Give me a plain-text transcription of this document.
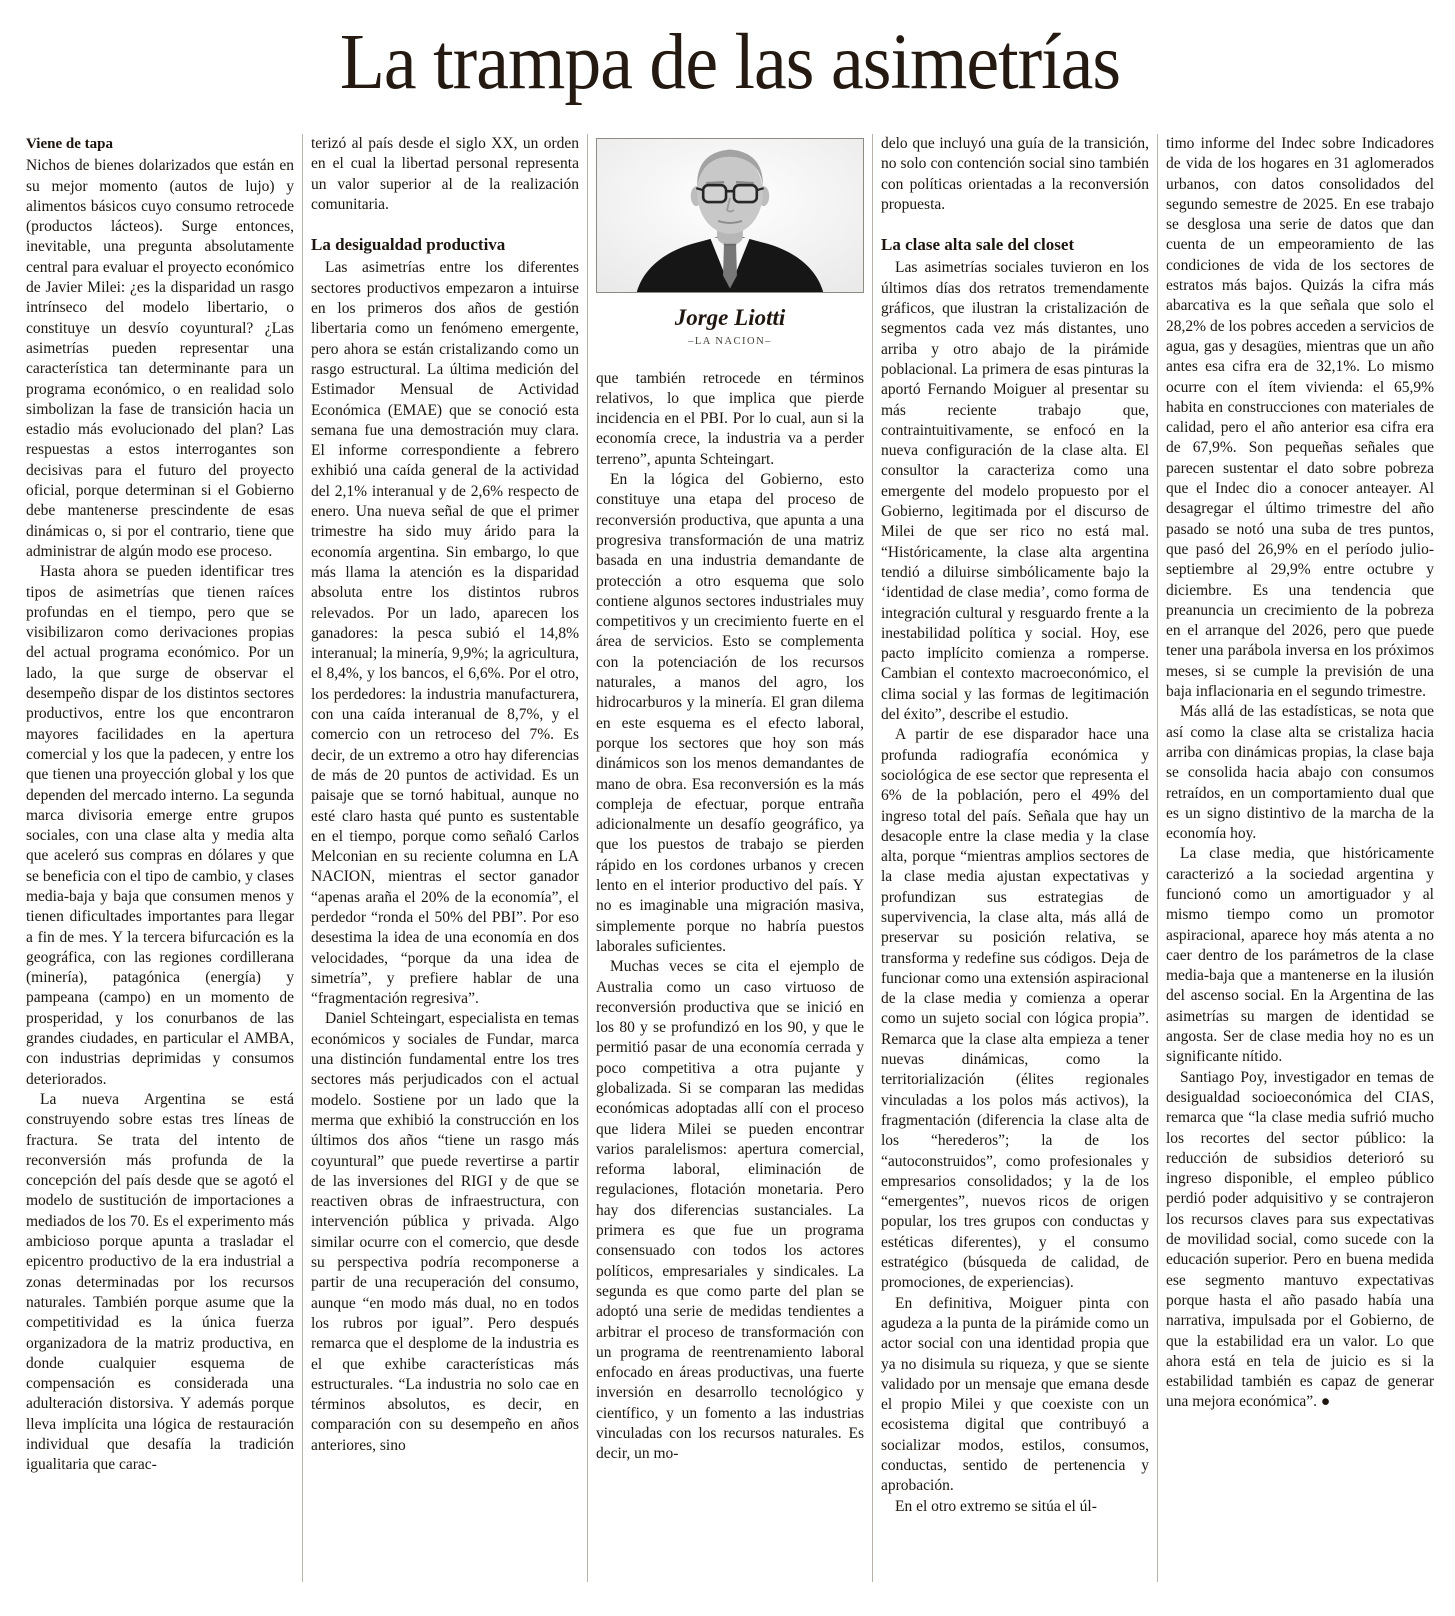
La trampa de las asimetrías
Viene de tapa

Nichos de bienes dolarizados que están en su mejor momento (autos de lujo) y alimentos básicos cuyo consumo retrocede (productos lácteos). Surge entonces, inevitable, una pregunta absolutamente central para evaluar el proyecto económico de Javier Milei: ¿es la disparidad un rasgo intrínseco del modelo libertario, o constituye un desvío coyuntural? ¿Las asimetrías pueden representar una característica tan determinante para un programa económico, o en realidad solo simbolizan la fase de transición hacia un estadio más evolucionado del plan? Las respuestas a estos interrogantes son decisivas para el futuro del proyecto oficial, porque determinan si el Gobierno debe mantenerse prescindente de esas dinámicas o, si por el contrario, tiene que administrar de algún modo ese proceso.

Hasta ahora se pueden identificar tres tipos de asimetrías que tienen raíces profundas en el tiempo, pero que se visibilizaron como derivaciones propias del actual programa económico. Por un lado, la que surge de observar el desempeño dispar de los distintos sectores productivos, entre los que encontraron mayores facilidades en la apertura comercial y los que la padecen, y entre los que tienen una proyección global y los que dependen del mercado interno. La segunda marca divisoria emerge entre grupos sociales, con una clase alta y media alta que aceleró sus compras en dólares y que se beneficia con el tipo de cambio, y clases media-baja y baja que consumen menos y tienen dificultades importantes para llegar a fin de mes. Y la tercera bifurcación es la geográfica, con las regiones cordillerana (minería), patagónica (energía) y pampeana (campo) en un momento de prosperidad, y los conurbanos de las grandes ciudades, en particular el AMBA, con industrias deprimidas y consumos deteriorados.

La nueva Argentina se está construyendo sobre estas tres líneas de fractura. Se trata del intento de reconversión más profunda de la concepción del país desde que se agotó el modelo de sustitución de importaciones a mediados de los 70. Es el experimento más ambicioso porque apunta a trasladar el epicentro productivo de la era industrial a zonas determinadas por los recursos naturales. También porque asume que la competitividad es la única fuerza organizadora de la matriz productiva, en donde cualquier esquema de compensación es considerada una adulteración distorsiva. Y además porque lleva implícita una lógica de restauración individual que desafía la tradición igualitaria que carac-

terizó al país desde el siglo XX, un orden en el cual la libertad personal representa un valor superior al de la realización comunitaria.

La desigualdad productiva

Las asimetrías entre los diferentes sectores productivos empezaron a intuirse en los primeros dos años de gestión libertaria como un fenómeno emergente, pero ahora se están cristalizando como un rasgo estructural. La última medición del Estimador Mensual de Actividad Económica (EMAE) que se conoció esta semana fue una demostración muy clara. El informe correspondiente a febrero exhibió una caída general de la actividad del 2,1% interanual y de 2,6% respecto de enero. Una nueva señal de que el primer trimestre ha sido muy árido para la economía argentina. Sin embargo, lo que más llama la atención es la disparidad absoluta entre los distintos rubros relevados. Por un lado, aparecen los ganadores: la pesca subió el 14,8% interanual; la minería, 9,9%; la agricultura, el 8,4%, y los bancos, el 6,6%. Por el otro, los perdedores: la industria manufacturera, con una caída interanual de 8,7%, y el comercio con un retroceso del 7%. Es decir, de un extremo a otro hay diferencias de más de 20 puntos de actividad. Es un paisaje que se tornó habitual, aunque no esté claro hasta qué punto es sustentable en el tiempo, porque como señaló Carlos Melconian en su reciente columna en LA NACION, mientras el sector ganador “apenas araña el 20% de la economía”, el perdedor “ronda el 50% del PBI”. Por eso desestima la idea de una economía en dos velocidades, “porque da una idea de simetría”, y prefiere hablar de una “fragmentación regresiva”.

Daniel Schteingart, especialista en temas económicos y sociales de Fundar, marca una distinción fundamental entre los tres sectores más perjudicados con el actual modelo. Sostiene por un lado que la merma que exhibió la construcción en los últimos dos años “tiene un rasgo más coyuntural” que puede revertirse a partir de las inversiones del RIGI y de que se reactiven obras de infraestructura, con intervención pública y privada. Algo similar ocurre con el comercio, que desde su perspectiva podría recomponerse a partir de una recuperación del consumo, aunque “en modo más dual, no en todos los rubros por igual”. Pero después remarca que el desplome de la industria es el que exhibe características más estructurales. “La industria no solo cae en términos absolutos, es decir, en comparación con su desempeño en años anteriores, sino

Jorge Liotti
–LA NACION–

que también retrocede en términos relativos, lo que implica que pierde incidencia en el PBI. Por lo cual, aun si la economía crece, la industria va a perder terreno”, apunta Schteingart.

En la lógica del Gobierno, esto constituye una etapa del proceso de reconversión productiva, que apunta a una progresiva transformación de una matriz basada en una industria demandante de protección a otro esquema que solo contiene algunos sectores industriales muy competitivos y un crecimiento fuerte en el área de servicios. Esto se complementa con la potenciación de los recursos naturales, a manos del agro, los hidrocarburos y la minería. El gran dilema en este esquema es el efecto laboral, porque los sectores que hoy son más dinámicos son los menos demandantes de mano de obra. Esa reconversión es la más compleja de efectuar, porque entraña adicionalmente un desafío geográfico, ya que los puestos de trabajo se pierden rápido en los cordones urbanos y crecen lento en el interior productivo del país. Y no es imaginable una migración masiva, simplemente porque no habría puestos laborales suficientes.

Muchas veces se cita el ejemplo de Australia como un caso virtuoso de reconversión productiva que se inició en los 80 y se profundizó en los 90, y que le permitió pasar de una economía cerrada y poco competitiva a otra pujante y globalizada. Si se comparan las medidas económicas adoptadas allí con el proceso que lidera Milei se pueden encontrar varios paralelismos: apertura comercial, reforma laboral, eliminación de regulaciones, flotación monetaria. Pero hay dos diferencias sustanciales. La primera es que fue un programa consensuado con todos los actores políticos, empresariales y sindicales. La segunda es que como parte del plan se adoptó una serie de medidas tendientes a arbitrar el proceso de transformación con un programa de reentrenamiento laboral enfocado en áreas productivas, una fuerte inversión en desarrollo tecnológico y científico, y un fomento a las industrias vinculadas con los recursos naturales. Es decir, un mo-

delo que incluyó una guía de la transición, no solo con contención social sino también con políticas orientadas a la reconversión propuesta.

La clase alta sale del closet

Las asimetrías sociales tuvieron en los últimos días dos retratos tremendamente gráficos, que ilustran la cristalización de segmentos cada vez más distantes, uno arriba y otro abajo de la pirámide poblacional. La primera de esas pinturas la aportó Fernando Moiguer al presentar su más reciente trabajo que, contraintuitivamente, se enfocó en la nueva configuración de la clase alta. El consultor la caracteriza como una emergente del modelo propuesto por el Gobierno, legitimada por el discurso de Milei de que ser rico no está mal. “Históricamente, la clase alta argentina tendió a diluirse simbólicamente bajo la ‘identidad de clase media’, como forma de integración cultural y resguardo frente a la inestabilidad política y social. Hoy, ese pacto implícito comienza a romperse. Cambian el contexto macroeconómico, el clima social y las formas de legitimación del éxito”, describe el estudio.

A partir de ese disparador hace una profunda radiografía económica y sociológica de ese sector que representa el 6% de la población, pero el 49% del ingreso total del país. Señala que hay un desacople entre la clase media y la clase alta, porque “mientras amplios sectores de la clase media ajustan expectativas y profundizan sus estrategias de supervivencia, la clase alta, más allá de preservar su posición relativa, se transforma y redefine sus códigos. Deja de funcionar como una extensión aspiracional de la clase media y comienza a operar como un sujeto social con lógica propia”. Remarca que la clase alta empieza a tener nuevas dinámicas, como la territorialización (élites regionales vinculadas a los polos más activos), la fragmentación (diferencia la clase alta de los “herederos”; la de los “autoconstruidos”, como profesionales y empresarios consolidados; y la de los “emergentes”, nuevos ricos de origen popular, los tres grupos con conductas y estéticas diferentes), y el consumo estratégico (búsqueda de calidad, de promociones, de experiencias).

En definitiva, Moiguer pinta con agudeza a la punta de la pirámide como un actor social con una identidad propia que ya no disimula su riqueza, y que se siente validado por un mensaje que emana desde el propio Milei y que coexiste con un ecosistema digital que contribuyó a socializar modos, estilos, consumos, conductas, sentido de pertenencia y aprobación.

En el otro extremo se sitúa el úl-

timo informe del Indec sobre Indicadores de vida de los hogares en 31 aglomerados urbanos, con datos consolidados del segundo semestre de 2025. En ese trabajo se desglosa una serie de datos que dan cuenta de un empeoramiento de las condiciones de vida de los sectores de estratos más bajos. Quizás la cifra más abarcativa es la que señala que solo el 28,2% de los pobres acceden a servicios de agua, gas y desagües, mientras que un año antes esa cifra era de 32,1%. Lo mismo ocurre con el ítem vivienda: el 65,9% habita en construcciones con materiales de calidad, pero el año anterior esa cifra era de 67,9%. Son pequeñas señales que parecen sustentar el dato sobre pobreza que el Indec dio a conocer anteayer. Al desagregar el último trimestre del año pasado se notó una suba de tres puntos, que pasó del 26,9% en el período julio-septiembre al 29,9% entre octubre y diciembre. Es una tendencia que preanuncia un crecimiento de la pobreza en el arranque del 2026, pero que puede tener una parábola inversa en los próximos meses, si se cumple la previsión de una baja inflacionaria en el segundo trimestre.

Más allá de las estadísticas, se nota que así como la clase alta se cristaliza hacia arriba con dinámicas propias, la clase baja se consolida hacia abajo con consumos retraídos, en un comportamiento dual que es un signo distintivo de la marcha de la economía hoy.

La clase media, que históricamente caracterizó a la sociedad argentina y funcionó como un amortiguador y al mismo tiempo como un promotor aspiracional, aparece hoy más atenta a no caer dentro de los parámetros de la clase media-baja que a mantenerse en la ilusión del ascenso social. En la Argentina de las asimetrías su margen de identidad se angosta. Ser de clase media hoy no es un significante nítido.

Santiago Poy, investigador en temas de desigualdad socioeconómica del CIAS, remarca que “la clase media sufrió mucho los recortes del sector público: la reducción de subsidios deterioró su ingreso disponible, el empleo público perdió poder adquisitivo y se contrajeron los recursos claves para sus expectativas de movilidad social, como sucede con la educación superior. Pero en buena medida ese segmento mantuvo expectativas porque hasta el año pasado había una narrativa, impulsada por el Gobierno, de que la estabilidad era un valor. Lo que ahora está en tela de juicio es si la estabilidad también es capaz de generar una mejora económica”. ●
